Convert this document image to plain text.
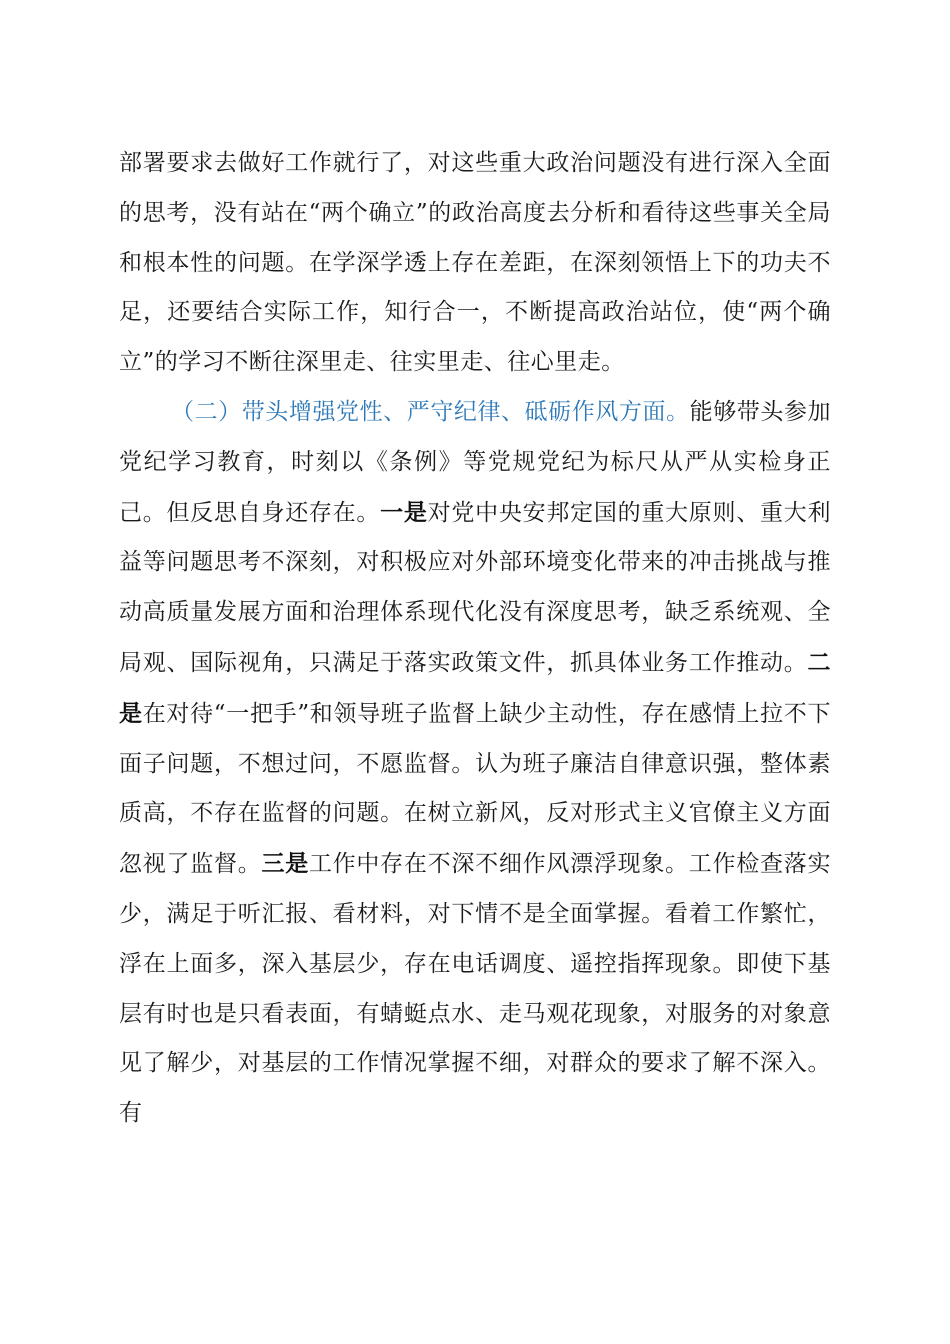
部署要求去做好工作就行了，对这些重大政治问题没有进行深入全面的思考，没有站在“两个确立”的政治高度去分析和看待这些事关全局和根本性的问题。在学深学透上存在差距，在深刻领悟上下的功夫不足，还要结合实际工作，知行合一，不断提高政治站位，使“两个确立”的学习不断往深里走、往实里走、往心里走。

（二）带头增强党性、严守纪律、砥砺作风方面。能够带头参加党纪学习教育，时刻以《条例》等党规党纪为标尺从严从实检身正己。但反思自身还存在。一是对党中央安邦定国的重大原则、重大利益等问题思考不深刻，对积极应对外部环境变化带来的冲击挑战与推动高质量发展方面和治理体系现代化没有深度思考，缺乏系统观、全局观、国际视角，只满足于落实政策文件，抓具体业务工作推动。二是在对待“一把手”和领导班子监督上缺少主动性，存在感情上拉不下面子问题，不想过问，不愿监督。认为班子廉洁自律意识强，整体素质高，不存在监督的问题。在树立新风，反对形式主义官僚主义方面忽视了监督。三是工作中存在不深不细作风漂浮现象。工作检查落实少，满足于听汇报、看材料，对下情不是全面掌握。看着工作繁忙，浮在上面多，深入基层少，存在电话调度、遥控指挥现象。即使下基层有时也是只看表面，有蜻蜓点水、走马观花现象，对服务的对象意见了解少，对基层的工作情况掌握不细，对群众的要求了解不深入。有
